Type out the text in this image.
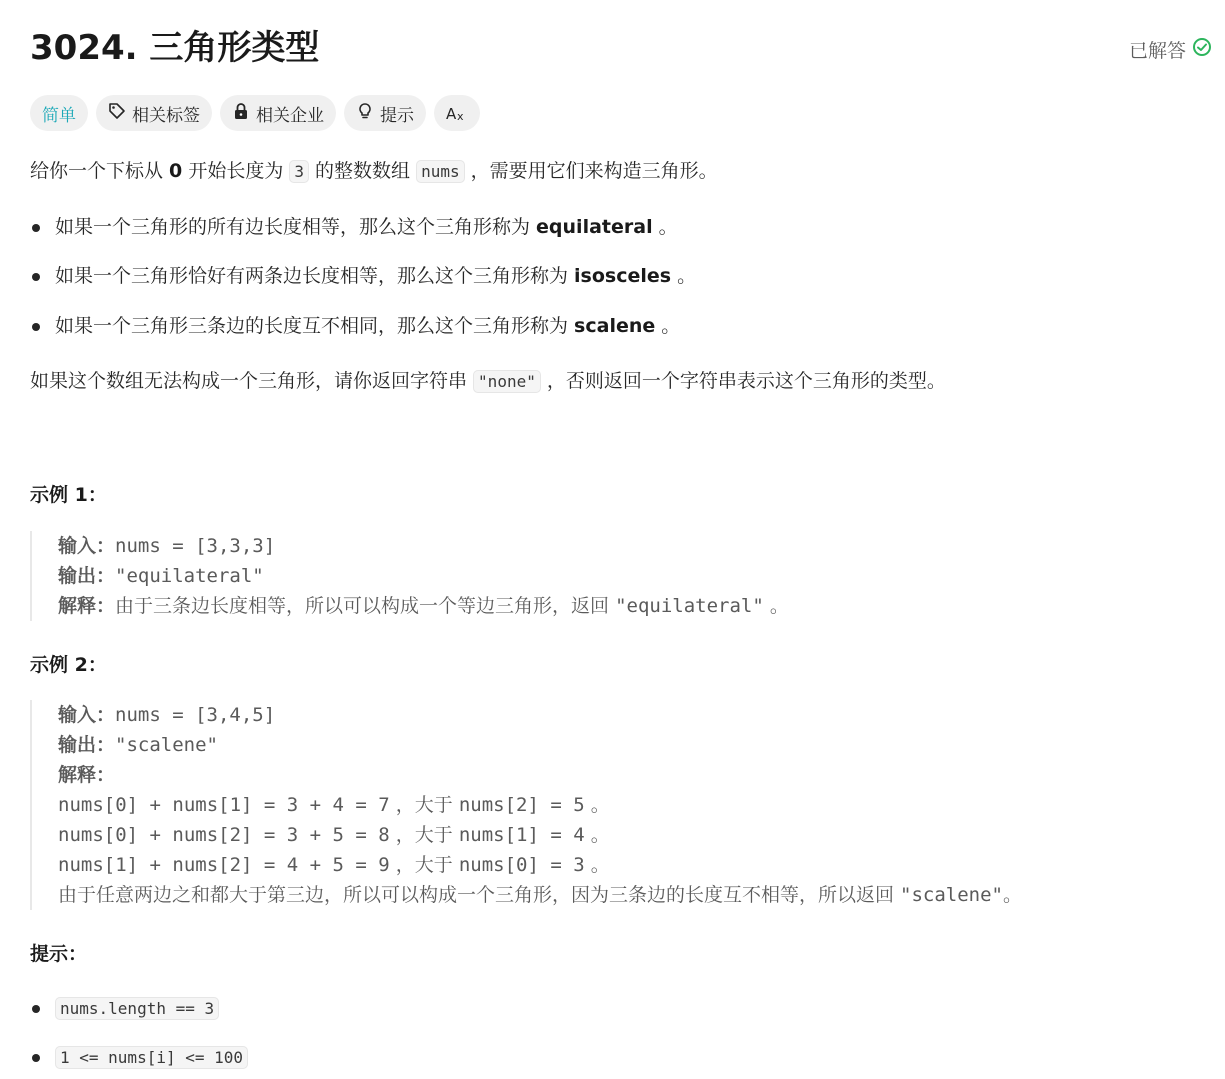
3024. 三角形类型	已解答
简单	相关标签	相关企业	提示 A x
给你一个下标从 0 开始长度为 3 的整数数组 nums ，需要用它们来构造三角形。
如果一个三角形的所有边长度相等，那么这个三角形称为 equilateral 。
如果一个三角形恰好有两条边长度相等，那么这个三角形称为 isosceles 。
如果一个三角形三条边的长度互不相同，那么这个三角形称为 scalene 。
如果这个数组无法构成一个三角形，请你返回字符串 "none" ，否则返回一个字符串表示这个三角形的类型。
示例 1：
输入：nums = [3,3,3]
输出："equilateral"
解释：由于三条边长度相等，所以可以构成一个等边三角形，返回 "equilateral" 。
示例 2：
输入：nums = [3,4,5]
输出："scalene"
解释：
nums[0] + nums[1] = 3 + 4 = 7 ，大于 nums[2] = 5 。
nums[0] + nums[2] = 3 + 5 = 8 ，大于 nums[1] = 4 。
nums[1] + nums[2] = 4 + 5 = 9 ，大于 nums[0] = 3 。
由于任意两边之和都大于第三边，所以可以构成一个三角形，因为三条边的长度互不相等，所以返回 "scalene"。
提示：
nums.length == 3
1 <= nums[i] <= 100
